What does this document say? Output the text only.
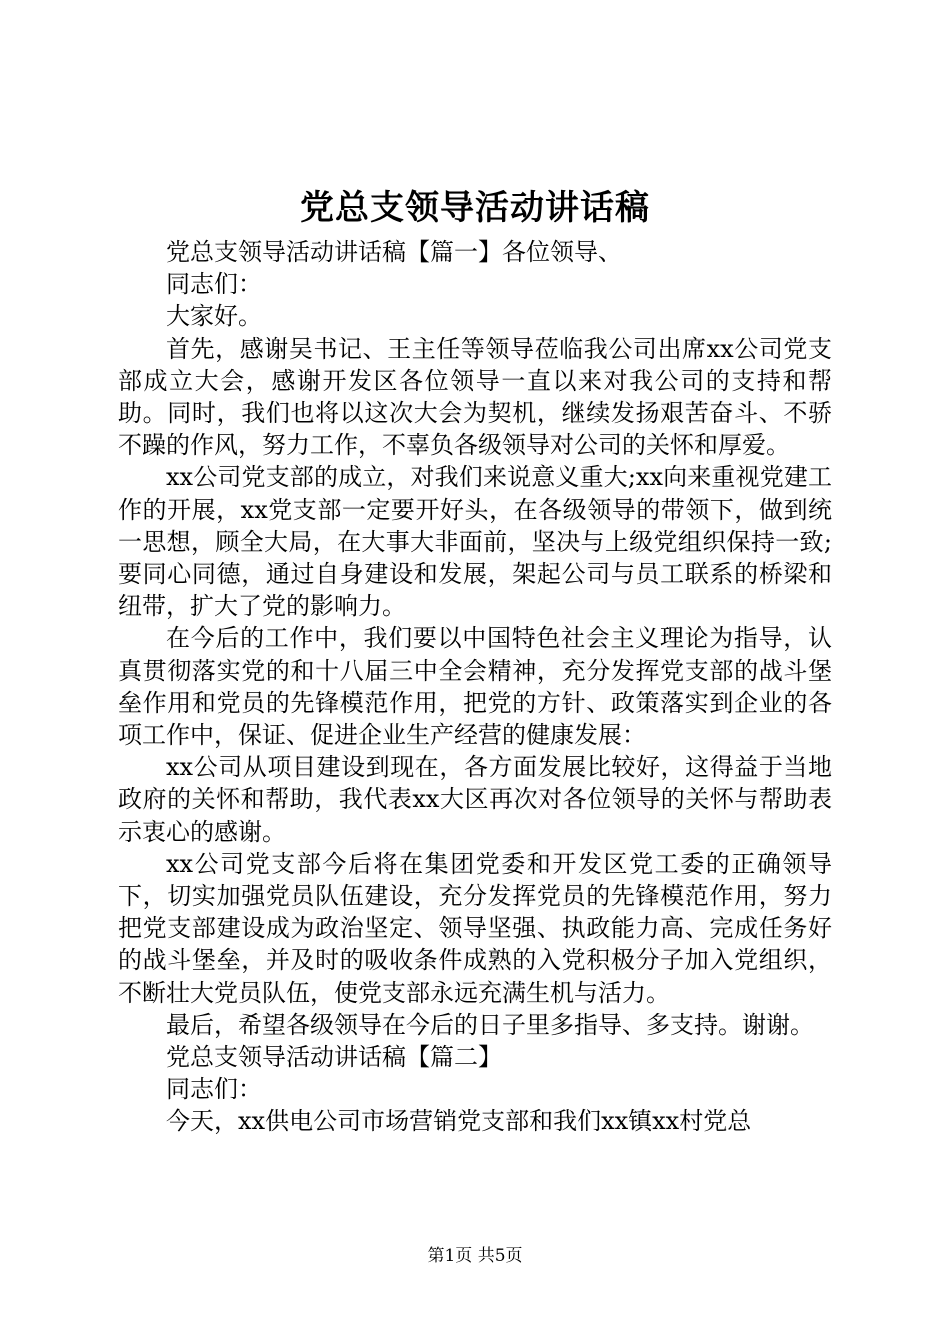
党总支领导活动讲话稿

党总支领导活动讲话稿【篇一】各位领导、

同志们：

大家好。

首先，感谢吴书记、王主任等领导莅临我公司出席xx公司党支部成立大会，感谢开发区各位领导一直以来对我公司的支持和帮助。同时，我们也将以这次大会为契机，继续发扬艰苦奋斗、不骄不躁的作风，努力工作，不辜负各级领导对公司的关怀和厚爱。

xx公司党支部的成立，对我们来说意义重大;xx向来重视党建工作的开展，xx党支部一定要开好头，在各级领导的带领下，做到统一思想，顾全大局，在大事大非面前，坚决与上级党组织保持一致;要同心同德，通过自身建设和发展，架起公司与员工联系的桥梁和纽带，扩大了党的影响力。

在今后的工作中，我们要以中国特色社会主义理论为指导，认真贯彻落实党的和十八届三中全会精神，充分发挥党支部的战斗堡垒作用和党员的先锋模范作用，把党的方针、政策落实到企业的各项工作中，保证、促进企业生产经营的健康发展：

xx公司从项目建设到现在，各方面发展比较好，这得益于当地政府的关怀和帮助，我代表xx大区再次对各位领导的关怀与帮助表示衷心的感谢。

xx公司党支部今后将在集团党委和开发区党工委的正确领导下，切实加强党员队伍建设，充分发挥党员的先锋模范作用，努力把党支部建设成为政治坚定、领导坚强、执政能力高、完成任务好的战斗堡垒，并及时的吸收条件成熟的入党积极分子加入党组织，不断壮大党员队伍，使党支部永远充满生机与活力。

最后，希望各级领导在今后的日子里多指导、多支持。谢谢。

党总支领导活动讲话稿【篇二】

同志们：

今天，xx供电公司市场营销党支部和我们xx镇xx村党总

第1页 共5页
